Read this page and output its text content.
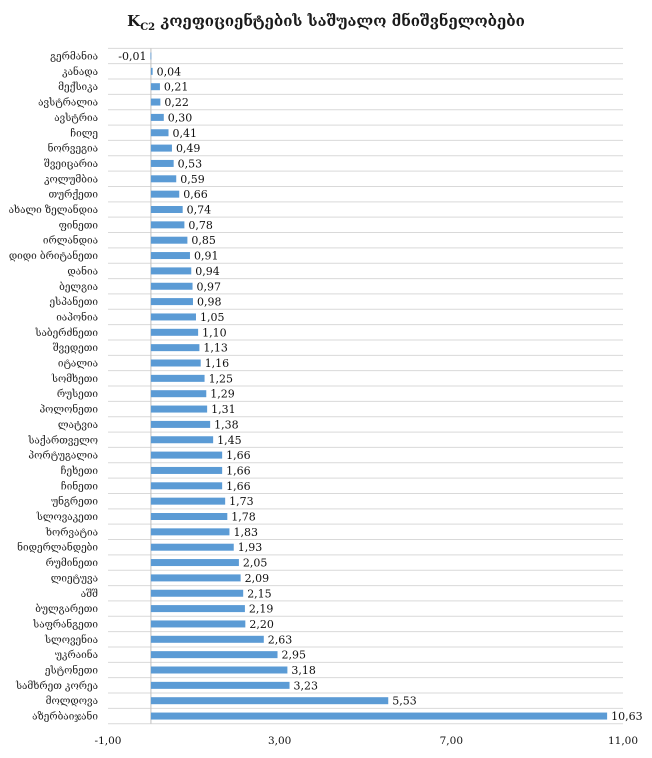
$K_{C2}$ კოეფიციენტების საშუალო მნიშვნელობები
გერმანია -0,01
კანადა	0,04
მექსიკა	0,21
ავსტრალია	0,22
ავსტრია	0,30
ჩილე	0,41
ნორვეგია	0,49
შვეიცარია	0,53
კოლუმბია	0,59
თურქეთი	0,66
ახალი ზელანდია	0,74
ფინეთი	0,78
ირლანდია	0,85
დიდი ბრიტანეთი	0,91
დანია	0,94
ბელგია	0,97
ესპანეთი	0,98
იაპონია	1,05
საბერძნეთი	1,10
შვედეთი	1,13
იტალია	1,16
სომხეთი	1,25
რუსეთი	1,29
პოლონეთი	1,31
ლატვია	1,38
საქართველო	1,45
პორტუგალია	1,66
ჩეხეთი	1,66
ჩინეთი	1,66
უნგრეთი	1,73
სლოვაკეთი	1,78
ხორვატია	1,83
ნიდერლანდები	1,93
რუმინეთი	2,05
ლიეტუვა	2,09
აშშ	2,15
ბულგარეთი	2,19
საფრანგეთი	2,20
სლოვენია	2,63
უკრაინა	2,95
ესტონეთი	3,18
სამხრეთ კორეა	3,23
მოლდოვა	5,53
აზერბაიჯანი	10,63
-1,00	3,00	7,00	11,00
